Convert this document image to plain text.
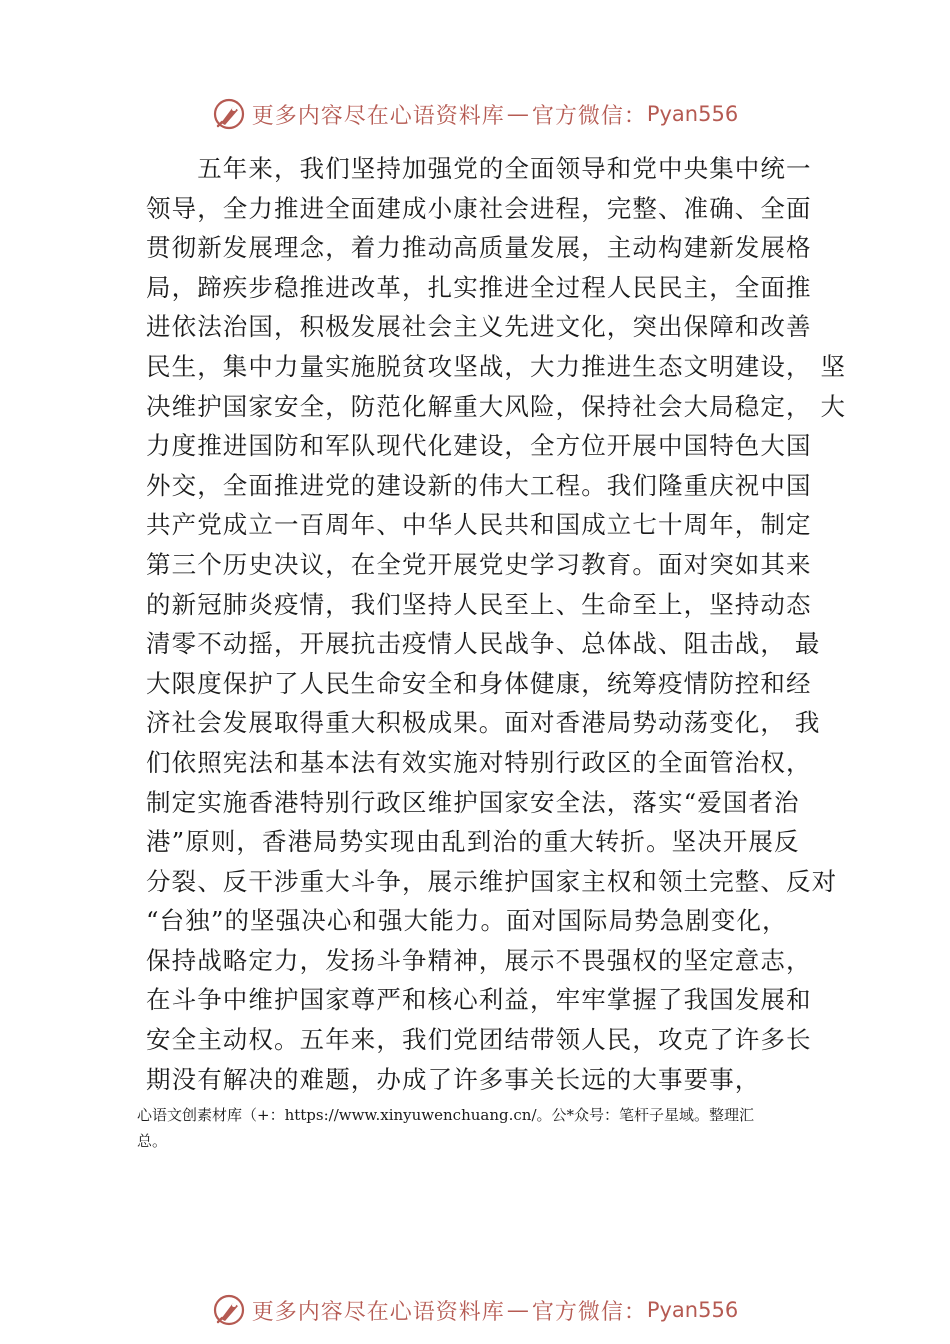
更多内容尽在心语资料库 — 官方微信： Pyan556
　　五年来，我们坚持加强党的全面领导和党中央集中统一
领导，全力推进全面建成小康社会进程，完整、准确、全面
贯彻新发展理念，着力推动高质量发展，主动构建新发展格
局，蹄疾步稳推进改革，扎实推进全过程人民民主，全面推
进依法治国，积极发展社会主义先进文化，突出保障和改善
民生，集中力量实施脱贫攻坚战，大力推进生态文明建设， 坚
决维护国家安全，防范化解重大风险，保持社会大局稳定， 大
力度推进国防和军队现代化建设，全方位开展中国特色大国
外交，全面推进党的建设新的伟大工程。我们隆重庆祝中国
共产党成立一百周年、中华人民共和国成立七十周年，制定
第三个历史决议，在全党开展党史学习教育。面对突如其来
的新冠肺炎疫情，我们坚持人民至上、生命至上，坚持动态
清零不动摇，开展抗击疫情人民战争、总体战、阻击战， 最
大限度保护了人民生命安全和身体健康，统筹疫情防控和经
济社会发展取得重大积极成果。面对香港局势动荡变化， 我
们依照宪法和基本法有效实施对特别行政区的全面管治权，
制定实施香港特别行政区维护国家安全法，落实“爱国者治
港”原则，香港局势实现由乱到治的重大转折。坚决开展反
分裂、反干涉重大斗争，展示维护国家主权和领土完整、反对
“台独”的坚强决心和强大能力。面对国际局势急剧变化，
保持战略定力，发扬斗争精神，展示不畏强权的坚定意志，
在斗争中维护国家尊严和核心利益，牢牢掌握了我国发展和
安全主动权。五年来，我们党团结带领人民，攻克了许多长
期没有解决的难题，办成了许多事关长远的大事要事，
心语文创素材库（+：https://www.xinyuwenchuang.cn/。公*众号：笔杆子星域。整理汇
总。
更多内容尽在心语资料库 — 官方微信： Pyan556
